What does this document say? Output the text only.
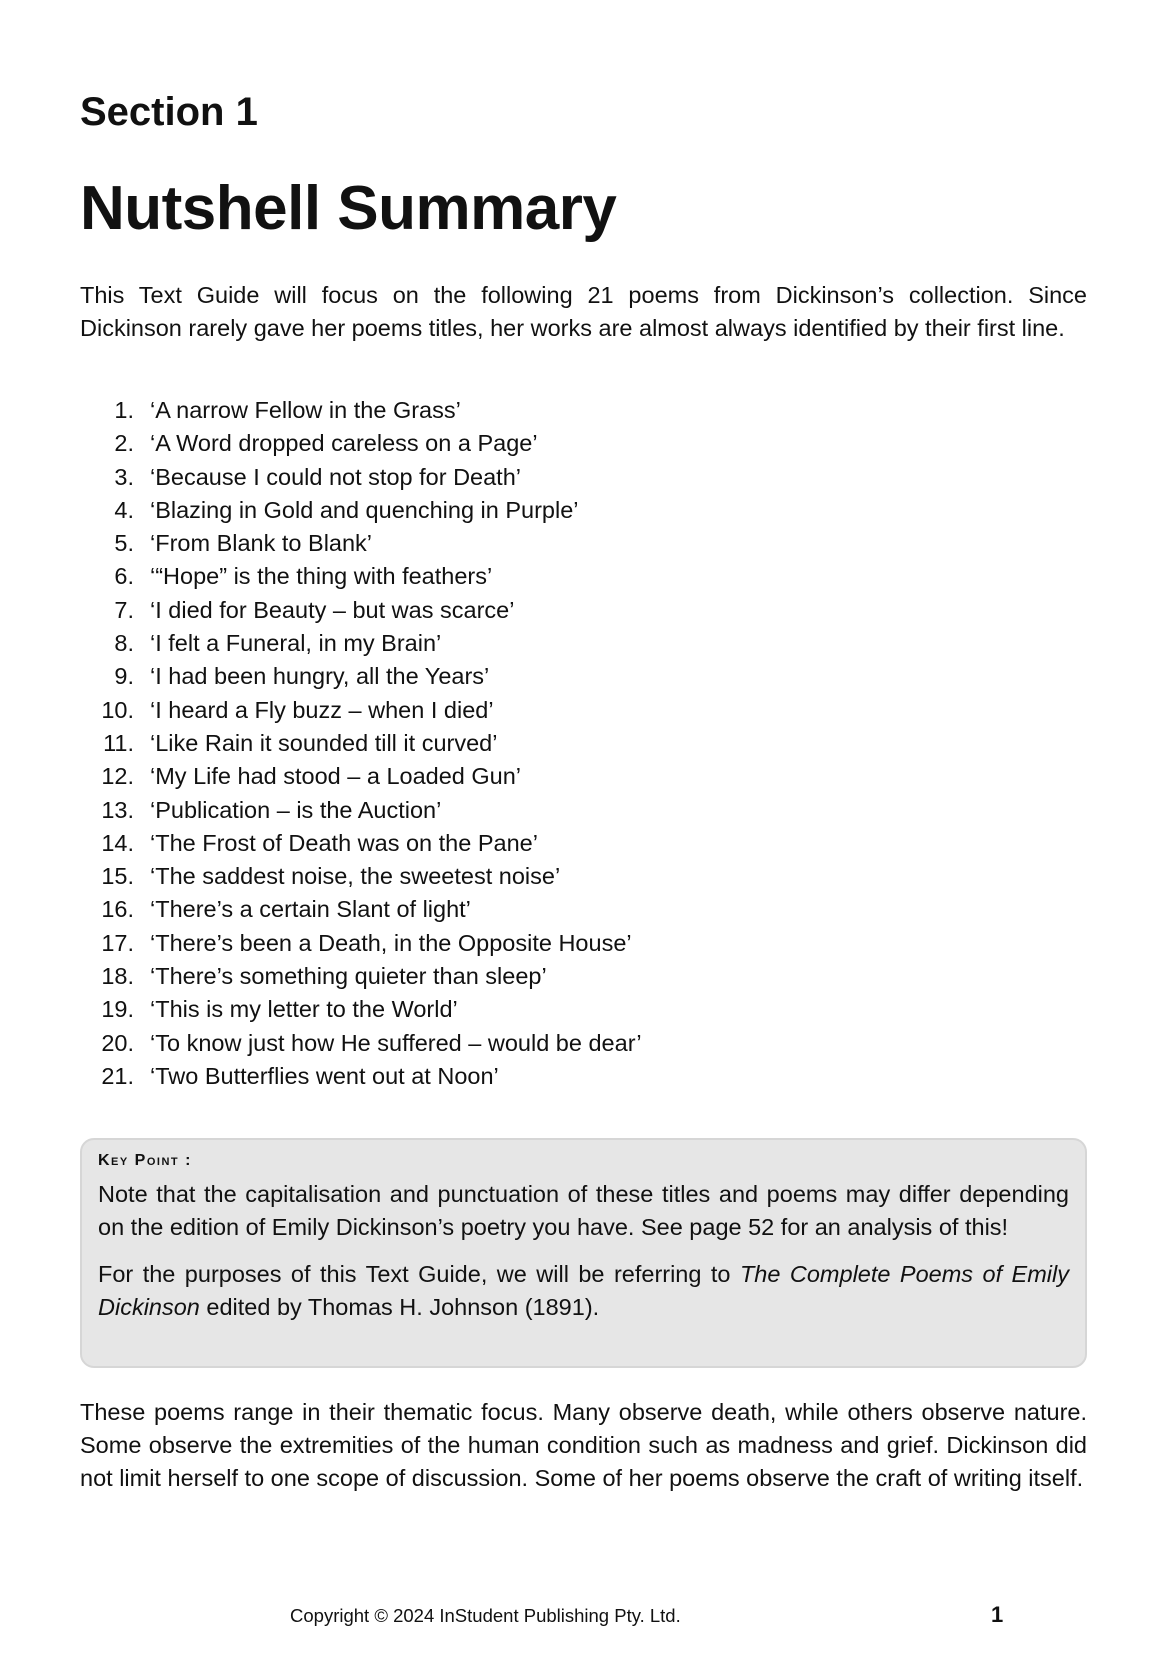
Section 1
Nutshell Summary

This Text Guide will focus on the following 21 poems from Dickinson’s collection. Since Dickinson rarely gave her poems titles, her works are almost always identified by their first line.

1. ‘A narrow Fellow in the Grass’
2. ‘A Word dropped careless on a Page’
3. ‘Because I could not stop for Death’
4. ‘Blazing in Gold and quenching in Purple’
5. ‘From Blank to Blank’
6. ‘“Hope” is the thing with feathers’
7. ‘I died for Beauty – but was scarce’
8. ‘I felt a Funeral, in my Brain’
9. ‘I had been hungry, all the Years’
10. ‘I heard a Fly buzz – when I died’
11. ‘Like Rain it sounded till it curved’
12. ‘My Life had stood – a Loaded Gun’
13. ‘Publication – is the Auction’
14. ‘The Frost of Death was on the Pane’
15. ‘The saddest noise, the sweetest noise’
16. ‘There’s a certain Slant of light’
17. ‘There’s been a Death, in the Opposite House’
18. ‘There’s something quieter than sleep’
19. ‘This is my letter to the World’
20. ‘To know just how He suffered – would be dear’
21. ‘Two Butterflies went out at Noon’

Key Point :

Note that the capitalisation and punctuation of these titles and poems may differ depending on the edition of Emily Dickinson’s poetry you have. See page 52 for an analysis of this!

For the purposes of this Text Guide, we will be referring to The Complete Poems of Emily Dickinson edited by Thomas H. Johnson (1891).

These poems range in their thematic focus. Many observe death, while others observe nature. Some observe the extremities of the human condition such as madness and grief. Dickinson did not limit herself to one scope of discussion. Some of her poems observe the craft of writing itself.

Copyright © 2024 InStudent Publishing Pty. Ltd.	1
